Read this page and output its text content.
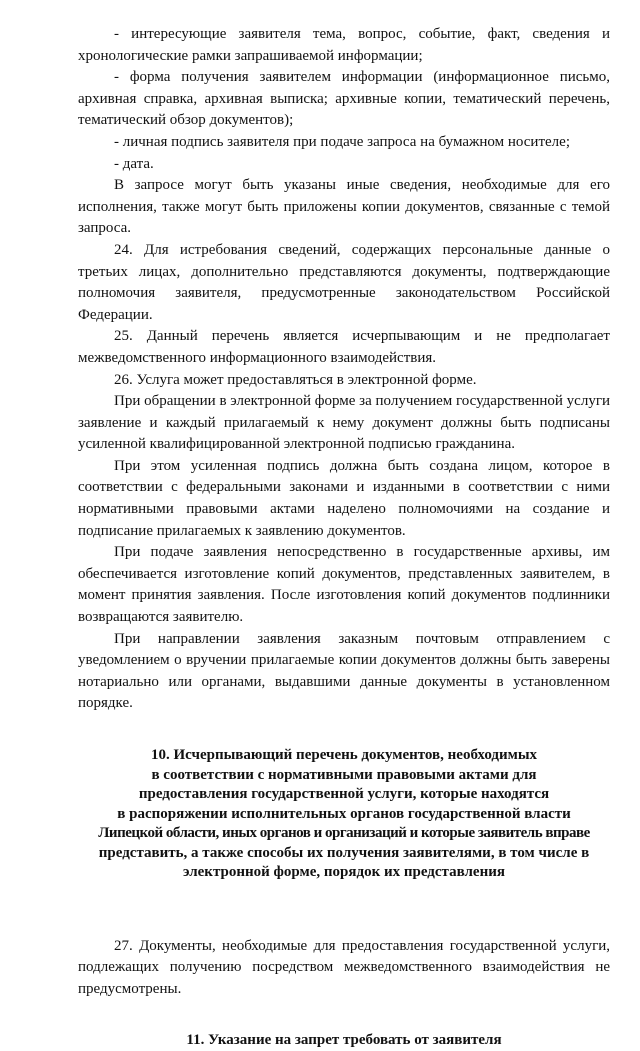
- интересующие заявителя тема, вопрос, событие, факт, сведения и хронологические рамки запрашиваемой информации;

- форма получения заявителем информации (информационное письмо, архивная справка, архивная выписка; архивные копии, тематический перечень, тематический обзор документов);

- личная подпись заявителя при подаче запроса на бумажном носителе;

- дата.

В запросе могут быть указаны иные сведения, необходимые для его исполнения, также могут быть приложены копии документов, связанные с темой запроса.

24. Для истребования сведений, содержащих персональные данные о третьих лицах, дополнительно представляются документы, подтверждающие полномочия заявителя, предусмотренные законодательством Российской Федерации.

25. Данный перечень является исчерпывающим и не предполагает межведомственного информационного взаимодействия.

26. Услуга может предоставляться в электронной форме.

При обращении в электронной форме за получением государственной услуги заявление и каждый прилагаемый к нему документ должны быть подписаны усиленной квалифицированной электронной подписью гражданина.

При этом усиленная подпись должна быть создана лицом, которое в соответствии с федеральными законами и изданными в соответствии с ними нормативными правовыми актами наделено полномочиями на создание и подписание прилагаемых к заявлению документов.

При подаче заявления непосредственно в государственные архивы, им обеспечивается изготовление копий документов, представленных заявителем, в момент принятия заявления. После изготовления копий документов подлинники возвращаются заявителю.

При направлении заявления заказным почтовым отправлением с уведомлением о вручении прилагаемые копии документов должны быть заверены нотариально или органами, выдавшими данные документы в установленном порядке.

10. Исчерпывающий перечень документов, необходимых
в соответствии с нормативными правовыми актами для
предоставления государственной услуги, которые находятся
в распоряжении исполнительных органов государственной власти
Липецкой области, иных органов и организаций и которые заявитель вправе
представить, а также способы их получения заявителями, в том числе в
электронной форме, порядок их представления

27. Документы, необходимые для предоставления государственной услуги, подлежащих получению посредством межведомственного взаимодействия не предусмотрены.

11. Указание на запрет требовать от заявителя
